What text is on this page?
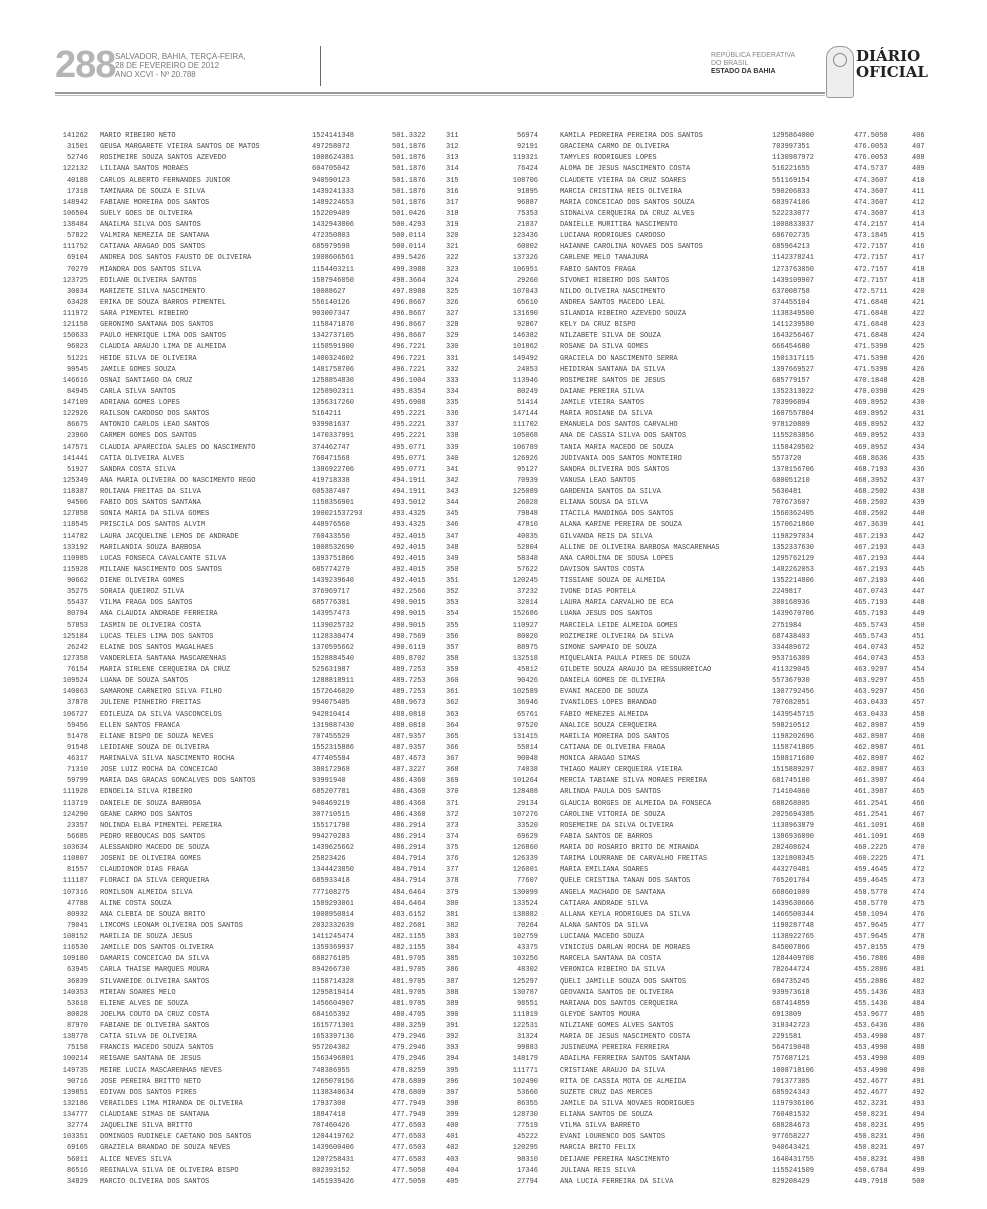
288 SALVADOR, BAHIA, TERÇA-FEIRA,
28 DE FEVEREIRO DE 2012
ANO XCVI - Nº 20.788
REPÚBLICA FEDERATIVA
DO BRASIL
ESTADO DA BAHIA
DIÁRIO
OFICIAL
141262 MARIO RIBEIRO NETO	1524141348	501.3322	311
31501 GEUSA MARGARETE VIEIRA SANTOS DE MATOS	497258072	501.1876	312
52746 ROSIMEIRE SOUZA SANTOS AZEVEDO	1008624381	501.1876	313
122132 LILIANA SANTOS MORAES	604705042	501.1876	314
40188 CARLOS ALBERTO FERNANDES JUNIOR	940590123	501.1876	315
17318 TAMINARA DE SOUZA E SILVA	1439241333	501.1876	316
148942 FABIANE MOREIRA DOS SANTOS	1489224653	501.1876	317
106504 SUELY GOES DE OLIVEIRA	152209409	501.0426	318
138484 ANAILMA SILVA DOS SANTOS	1432943006	500.4293	319
57822 VALMIRA NEMEZIA DE SANTANA	472350803	500.0114	320
111752 CATIANA ARAGAO DOS SANTOS	685979598	500.0114	321
69104 ANDREA DOS SANTOS FAUSTO DE OLIVEIRA	1008606561	499.5426	322
70279 MIANDRA DOS SANTOS SILVA	1154403211	499.3980	323
123725 EDILANE OLIVEIRA SANTOS	1587946050	498.3664	324
30034 MARIZETE SILVA NASCIMENTO	10088627	497.8980	325
63428 ERIKA DE SOUZA BARROS PIMENTEL	556140126	496.8667	326
111972 SARA PIMENTEL RIBEIRO	903007347	496.8667	327
121158 GERONIMO SANTANA DOS SANTOS	1158471870	496.8667	328
150633 PAULO HENRIQUE LIMA DOS SANTOS	1342737105	496.8667	329
96023 CLAUDIA ARAUJO LIMA DE ALMEIDA	1158591900	496.7221	330
51221 HEIDE SILVA DE OLIVEIRA	1400324602	496.7221	331
99545 JAMILE GOMES SOUZA	1481758706	496.7221	332
146616 OSNAI SANTIAGO DA CRUZ	1258854830	496.1004	333
84945 CARLA SILVA SANTOS	1258902311	495.8354	334
147109 ADRIANA GOMES LOPES	1356317260	495.6908	335
122926 RAILSON CARDOSO DOS SANTOS	5164211	495.2221	336
86675 ANTONIO CARLOS LEAO SANTOS	939981637	495.2221	337
23960 CARMEM GOMES DOS SANTOS	1470337991	495.2221	338
147571 CLAUDIA APARECIDA SALES DO NASCIMENTO	374462747	495.0771	339
141441 CATIA OLIVEIRA ALVES	760471568	495.0771	340
51927 SANDRA COSTA SILVA	1386922706	495.0771	341
125349 ANA MARIA OLIVEIRA DO NASCIMENTO REGO	419718338	494.1911	342
118387 ROLIANA FREITAS DA SILVA	605387407	494.1911	343
94506 FABIO DOS SANTOS SANTANA	1158356901	493.5012	344
127858 SONIA MARIA DA SILVA GOMES	100021537293	493.4325	345
118545 PRISCILA DOS SANTOS ALVIM	448976560	493.4325	346
114782 LAURA JACQUELINE LEMOS DE ANDRADE	760433550	492.4015	347
133192 MARILANDIA SOUZA BARBOSA	1008532690	492.4015	348
110985 LUCAS FONSECA CAVALCANTE SILVA	1393751806	492.4015	349
115928 MILIANE NASCIMENTO DOS SANTOS	685774279	492.4015	350
90662 DIENE OLIVEIRA GOMES	1439239640	492.4015	351
35275 SORAIA QUEIROZ SILVA	376969717	492.2566	352
55437 VILMA FRAGA DOS SANTOS	685776301	490.9015	353
80794 ANA CLAUDIA ANDRADE FERREIRA	143957473	490.9015	354
57853 IASMIN DE OLIVEIRA COSTA	1139025732	490.9015	355
125184 LUCAS TELES LIMA DOS SANTOS	1128330474	490.7569	356
26242 ELAINE DOS SANTOS MAGALHAES	1370595662	490.6119	357
127358 VANDERLEIA SANTANA MASCARENHAS	1528884540	489.8702	358
76154 MARIA SIRLENE CERQUEIRA DA CRUZ	525631987	489.7253	359
109524 LUANA DE SOUZA SANTOS	1288818911	489.7253	360
140063 SAMARONE CARNEIRO SILVA FILHO	1572646020	489.7253	361
37878 JULIENE PINHEIRO FREITAS	994075405	488.9673	362
106727 EDILEUZA DA SILVA VASCONCELOS	942810414	488.0810	363
59456 ELLEN SANTOS FRANCA	1319887430	488.0810	364
51478 ELIANE BISPO DE SOUZA NEVES	707455529	487.9357	365
91548 LEIDIANE SOUZA DE OLIVEIRA	1552315886	487.9357	366
46317 MARINALVA SILVA NASCIMENTO ROCHA	477405584	487.4673	367
71310 JOSE LUIZ ROCHA DA CONCEICAO	380172968	487.3227	368
59799 MARIA DAS GRACAS GONCALVES DOS SANTOS	93991940	486.4360	369
111928 EDNOELIA SILVA RIBEIRO	685207781	486.4360	370
113719 DANIELE DE SOUZA BARBOSA	940469219	486.4360	371
124290 GEANE CARMO DOS SANTOS	307710515	486.4360	372
23357 NOLINDA ELBA PIMENTEL PEREIRA	155171798	486.2914	373
56685 PEDRO REBOUCAS DOS SANTOS	994270283	486.2914	374
103634 ALESSANDRO MACEDO DE SOUZA	1439625662	486.2914	375
110807 JOSENI DE OLIVEIRA GOMES	25823426	484.7914	376
81557 CLAUDIONOR DIAS FRAGA	1344423850	484.7914	377
111187 FLORACI DA SILVA CERQUEIRA	685933418	484.7914	378
107316 ROMILSON ALMEIDA SILVA	777108275	484.6464	379
47788 ALINE COSTA SOUZA	1589293061	484.6464	380
80932 ANA CLEBIA DE SOUZA BRITO	1008950814	483.6152	381
79041 LIMCOMS LEONAM OLIVEIRA DOS SANTOS	2032332639	482.2601	382
108152 MARILIA DE SOUZA JESUS	1411245474	482.1155	383
116530 JAMILLE DOS SANTOS OLIVEIRA	1359369937	482.1155	384
109180 DAMARIS CONCEICAO DA SILVA	688276105	481.9705	385
63945 CARLA THAISE MARQUES MOURA	894266730	481.9705	386
36039 SILVANEIDE OLIVEIRA SANTOS	1158714328	481.9705	387
140353 MIRIAN SOARES MELO	1295819414	481.9705	388
53618 ELIENE ALVES DE SOUZA	1456604907	481.9705	389
80028 JOELMA COUTO DA CRUZ COSTA	684165392	480.4705	390
87970 FABIANE DE OLIVEIRA SANTOS	1615771301	480.3259	391
138778 CATIA SILVA DE OLIVEIRA	1653397136	479.2946	392
75158 FRANCIS MACEDO SOUZA SANTOS	957204302	479.2946	393
100214 REISANE SANTANA DE JESUS	1563496801	479.2946	394
149735 MEIRE LUCIA MASCARENHAS NEVES	748386955	478.8259	395
90716 JOSE PEREIRA BRITTO NETO	1265070156	478.6809	396
139851 EDIVAN DOS SANTOS PIRES	1138340634	478.6809	397
132186 VERAILDES LIMA MIRANDA DE OLIVEIRA	17937300	477.7949	398
134777 CLAUDIANE SIMAS DE SANTANA	18847410	477.7949	399
32774 JAQUELINE SILVA BRITTO	707460426	477.6503	400
103351 DOMINGOS RUDINELE CAETANO DOS SANTOS	1204419762	477.6503	401
69165 GRAZIELA BRANDAO DE SOUZA NEVES	1439600406	477.6503	402
56011 ALICE NEVES SILVA	1207258431	477.6503	403
86516 REGINALVA SILVA DE OLIVEIRA BISPO	802393152	477.5050	404
34829 MARCIO OLIVEIRA DOS SANTOS	1451939426	477.5050	405
56974	KAMILA PEDREIRA PEREIRA DOS SANTOS	1295864000	477.5050	406
92191	GRACIEMA CARMO DE OLIVEIRA	703997351	476.0053	407
119321	TAMYLES RODRIGUES LOPES	1130987972	476.0053	408
76424	ALOMA DE JESUS NASCIMENTO COSTA	516221655	474.5737	409
108706	CLAUDETE VIEIRA DA CRUZ SOARES	551169154	474.3607	410
91895	MARCIA CRISTINA REIS OLIVEIRA	590206833	474.3607	411
96887	MARIA CONCEICAO DOS SANTOS SOUZA	683974106	474.3607	412
75353	SIDNALVA CERQUEIRA DA CRUZ ALVES	522233077	474.3607	413
21037	DANIELLE MURITIBA NASCIMENTO	1008833037	474.2157	414
123436	LUCIANA RODRIGUES CARDOSO	686702735	473.1845	415
60002	HAIANNE CAROLINA NOVAES DOS SANTOS	685964213	472.7157	416
137326	CARLENE MELO TANAJURA	1142378241	472.7157	417
106951	FABIO SANTOS FRAGA	1273763050	472.7157	418
29260	SIVONEI RIBEIRO DOS SANTOS	1439109907	472.7157	418
107043	NILDO OLIVEIRA NASCIMENTO	637008758	472.5711	420
65610	ANDREA SANTOS MACEDO LEAL	374455104	471.6848	421
131690	SILANDIA RIBEIRO AZEVEDO SOUZA	1138349500	471.6848	422
92867	KELY DA CRUZ BISPO	1411239580	471.6848	423
146382	NILZABETE SILVA DE SOUZA	1643256467	471.6848	424
101862	ROSANE DA SILVA GOMES	666454680	471.5398	425
149492	GRACIELA DO NASCIMENTO SERRA	1501317115	471.5398	426
24053	HEIDIRAN SANTANA DA SILVA	1397669527	471.5398	426
113946	ROSIMEIRE SANTOS DE JESUS	685779157	470.1848	428
80249	DAIANE PEREIRA SILVA	1352313022	470.0398	429
51414	JAMILE VIEIRA SANTOS	703996894	469.8952	430
147144	MARIA ROSIANE DA SILVA	1607557804	469.8952	431
111702	EMANUELA DOS SANTOS CARVALHO	978120809	469.8952	432
105068	ANA DE CASSIA SILVA DOS SANTOS	1155283856	469.8952	433
106789	TANIA MARIA MACEDO DE SOUZA	1158420502	469.8952	434
126926	JUDIVANIA DOS SANTOS MONTEIRO	5573720	468.8636	435
95127	SANDRA OLIVEIRA DOS SANTOS	1378156706	468.7193	436
70939	VANUSA LEAO SANTOS	680051210	468.3952	437
125089	GARDENIA SANTOS DA SILVA	5630481	468.2502	438
26028	ELIANA SOUSA DA SILVA	707673607	468.2502	439
79848	ITACILA MANDINGA DOS SANTOS	1560362405	468.2502	440
47810	ALANA KARINE PEREIRA DE SOUZA	1570621860	467.3639	441
40035	GILVANDA REIS DA SILVA	1198297034	467.2193	442
52804	ALLINE DE OLIVEIRA BARBOSA MASCARENHAS	1352337630	467.2193	443
58348	ANA CAROLINA DE SOUSA LOPES	1295762129	467.2193	444
57622	DAVISON SANTOS COSTA	1482262053	467.2193	445
120245	TISSIANE SOUZA DE ALMEIDA	1352214806	467.2193	446
37232	IVONE DIAS PORTELA	2249817	467.0743	447
32014	LAURA MARIA CARVALHO DE ECA	380168936	465.7193	448
152686	LUANA JESUS DOS SANTOS	1439670706	465.7193	449
110927	MARCIELA LEIDE ALMEIDA GOMES	2751984	465.5743	450
80020	ROZIMEIRE OLIVEIRA DA SILVA	687438403	465.5743	451
88975	SIMONE SAMPAIO DE SOUZA	334489672	464.0743	452
132518	MIQUELANIA PAULA PIRES DE SOUZA	953716309	464.0743	453
45812	GILDETE SOUZA ARAUJO DA RESSURREICAO	411329045	463.9297	454
90426	DANIELA GOMES DE OLIVEIRA	557367930	463.9297	455
102589	EVANI MACEDO DE SOUZA	1307792456	463.9297	456
36946	IVANILDES LOPES BRANDAO	707682851	463.0433	457
65761	FABIO MENEZES ALMEIDA	1439545715	463.0433	458
97520	ANALICE SOUZA CERQUEIRA	598210512	462.8987	459
131415	MARILIA MOREIRA DOS SANTOS	1198202696	462.8987	460
55014	CATIANA DE OLIVEIRA FRAGA	1158741805	462.8987	461
90048	MONICA ARAGAO SIMAS	1588171680	462.8987	462
74038	THIAGO MAURY CERQUEIRA VIEIRA	1515889297	462.8987	463
101264	MERCIA TABIANE SILVA MORAES PEREIRA	681745180	461.3987	464
128488	ARLINDA PAULA DOS SANTOS	714104060	461.3987	465
29134	GLAUCIA BORGES DE ALMEIDA DA FONSECA	688268005	461.2541	466
107276	CAROLINE VITORIA DE SOUZA	2025694385	461.2541	467
33520	ROSEMEIRE DA SILVA OLIVEIRA	1138963879	461.1091	468
69629	FABIA SANTOS DE BARROS	1386936090	461.1091	469
126860	MARIA DO ROSARIO BRITO DE MIRANDA	282408624	460.2225	470
126339	TARIMA LOURRANE DE CARVALHO FREITAS	1321808345	460.2225	471
126001	MARIA EMILIANA SOARES	443270481	459.4645	472
77607	QUELE CRISTINA TANAN DOS SANTOS	765201704	459.4645	473
130099	ANGELA MACHADO DE SANTANA	668601009	458.5770	474
133524	CATIARA ANDRADE SILVA	1439630666	458.5770	475
138082	ALLANA KEYLA RODRIGUES DA SILVA	1466500344	458.1094	476
70264	ALANA SANTOS DA SILVA	1198287748	457.9645	477
102759	LUCIANA MACEDO SOUZA	1138922765	457.9645	478
43375	VINICIUS DARLAN ROCHA DE MORAES	845007866	457.8155	479
103256	MARCELA SANTANA DA COSTA	1284409708	456.7886	480
48302	VERONICA RIBEIRO DA SILVA	782644724	455.2886	481
125297	QUELI JAMILLE SOUZA DOS SANTOS	684735245	455.2886	482
130787	GEOVANIA SANTOS DE OLIVEIRA	939973618	455.1436	483
98551	MARIANA DOS SANTOS CERQUEIRA	687414859	455.1436	484
111819	GLEYDE SANTOS MOURA	6913809	453.9677	485
122531	NILZIANE GOMES ALVES SANTOS	318342723	453.6436	486
31324	MARIA DE JESUS NASCIMENTO COSTA	2291581	453.4990	487
99883	JUSINEUMA PEREIRA FERREIRA	564719048	453.4990	488
148179	ADAILMA FERREIRA SANTOS SANTANA	757687121	453.4990	489
111771	CRISTIANE ARAUJO DA SILVA	1008718106	453.4990	490
102490	RITA DE CASSIA MOTA DE ALMEIDA	701377305	452.4677	491
53660	SUZETE CRUZ DAS MERCES	685924343	452.4677	492
86355	JAMILE DA SILVA NOVAES RODRIGUES	1197936106	452.3231	493
128730	ELIANA SANTOS DE SOUZA	760481532	450.8231	494
77519	VILMA SILVA BARRETO	688284673	450.8231	495
45222	EVANI LOURENCO DOS SANTOS	977658227	450.8231	496
120295	MARCIA BRITO FELIX	940643421	450.8231	497
98310	DEIJANE PEREIRA NASCIMENTO	1640431755	450.8231	498
17346	JULIANA REIS SILVA	1155241509	450.6784	499
27794	ANA LUCIA FERREIRA DA SILVA	829208429	449.7918	500
